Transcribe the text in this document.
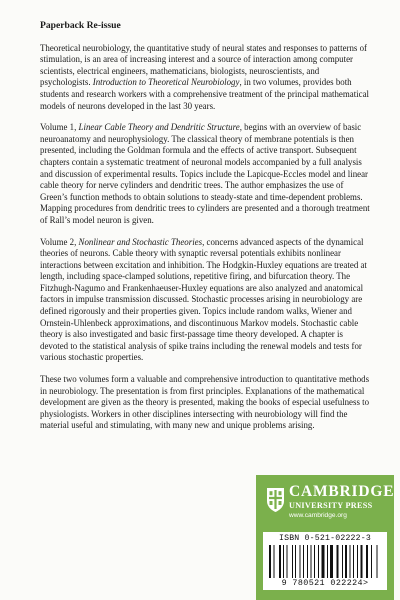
Paperback Re-issue

Theoretical neurobiology, the quantitative study of neural states and responses to patterns of stimulation, is an area of increasing interest and a source of interaction among computer scientists, electrical engineers, mathematicians, biologists, neuroscientists, and psychologists. Introduction to Theoretical Neurobiology, in two volumes, provides both students and research workers with a comprehensive treatment of the principal mathematical models of neurons developed in the last 30 years.

Volume 1, Linear Cable Theory and Dendritic Structure, begins with an overview of basic neuroanatomy and neurophysiology. The classical theory of membrane potentials is then presented, including the Goldman formula and the effects of active transport. Subsequent chapters contain a systematic treatment of neuronal models accompanied by a full analysis and discussion of experimental results. Topics include the Lapicque-Eccles model and linear cable theory for nerve cylinders and dendritic trees. The author emphasizes the use of Green’s function methods to obtain solutions to steady-state and time-dependent problems. Mapping procedures from dendritic trees to cylinders are presented and a thorough treatment of Rall’s model neuron is given.

Volume 2, Nonlinear and Stochastic Theories, concerns advanced aspects of the dynamical theories of neurons. Cable theory with synaptic reversal potentials exhibits nonlinear interactions between excitation and inhibition. The Hodgkin-Huxley equations are treated at length, including space-clamped solutions, repetitive firing, and bifurcation theory. The Fitzhugh-Nagumo and Frankenhaeuser-Huxley equations are also analyzed and anatomical factors in impulse transmission discussed. Stochastic processes arising in neurobiology are defined rigorously and their properties given. Topics include random walks, Wiener and Ornstein-Uhlenbeck approximations, and discontinuous Markov models. Stochastic cable theory is also investigated and basic first-passage time theory developed. A chapter is devoted to the statistical analysis of spike trains including the renewal models and tests for various stochastic properties.

These two volumes form a valuable and comprehensive introduction to quantitative methods in neurobiology. The presentation is from first principles. Explanations of the mathematical development are given as the theory is presented, making the books of especial usefulness to physiologists. Workers in other disciplines intersecting with neurobiology will find the material useful and stimulating, with many new and unique problems arising.

CAMBRIDGE
UNIVERSITY PRESS
www.cambridge.org
ISBN 0-521-02222-3
9 780521 022224>
